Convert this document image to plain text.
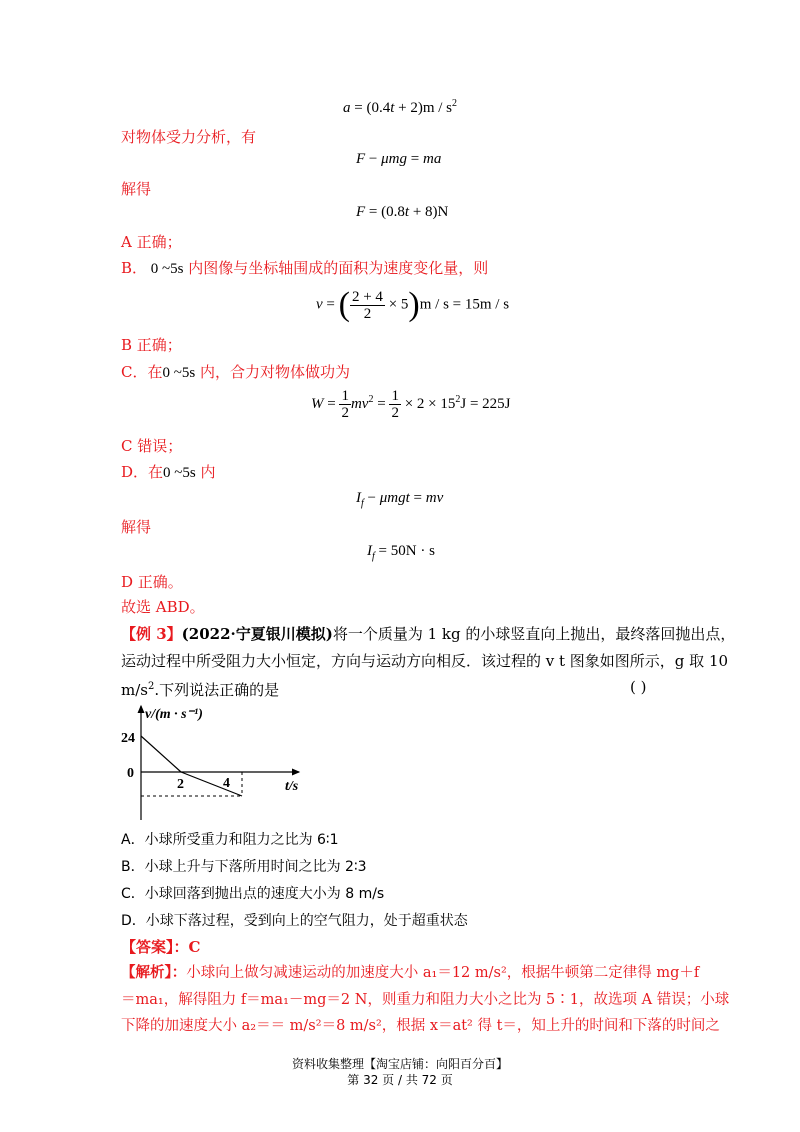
$a = (0.4t + 2)m / s^2$
对物体受力分析，有
F − μmg = ma
解得
F = (0.8t + 8)N
A 正确；
B． 0 ~5s 内图像与坐标轴围成的面积为速度变化量，则
v = ( $\frac{2 + 4}{2} \times 5)m / s = 15m / s$
B 正确；
C．在0 ~5s 内，合力对物体做功为
$W = \frac{1}{2} mv^2 = \frac{1}{2} \times 2 \times 15^2J = 225J$
C 错误；
D．在0 ~5s 内
$I_f - \mu mgt$ = mv
解得
$I_f = 50N \cdot s$
D 正确。
故选 ABD。
【例 3】(2022·宁夏银川模拟)将一个质量为 1 kg 的小球竖直向上抛出，最终落回抛出点，
运动过程中所受阻力大小恒定，方向与运动方向相反．该过程的 v t 图象如图所示，g 取 10
$m/s^2$.下列说法正确的是	( )
v/(m · s⁻¹)
24
0
2	4	t/s
A．小球所受重力和阻力之比为 6∶1
B．小球上升与下落所用时间之比为 2∶3
C．小球回落到抛出点的速度大小为 8 m/s
D．小球下落过程，受到向上的空气阻力，处于超重状态
【答案】：C
【解析】：小球向上做匀减速运动的加速度大小 a₁＝12 m/s²，根据牛顿第二定律得 mg＋f
＝ma₁，解得阻力 f＝ma₁－mg＝2 N，则重力和阻力大小之比为 5∶1，故选项 A 错误；小球
下降的加速度大小 a₂＝＝ m/s²＝8 m/s²，根据 x＝at² 得 t＝，知上升的时间和下落的时间之
资料收集整理【淘宝店铺：向阳百分百】
第 32 页 / 共 72 页
